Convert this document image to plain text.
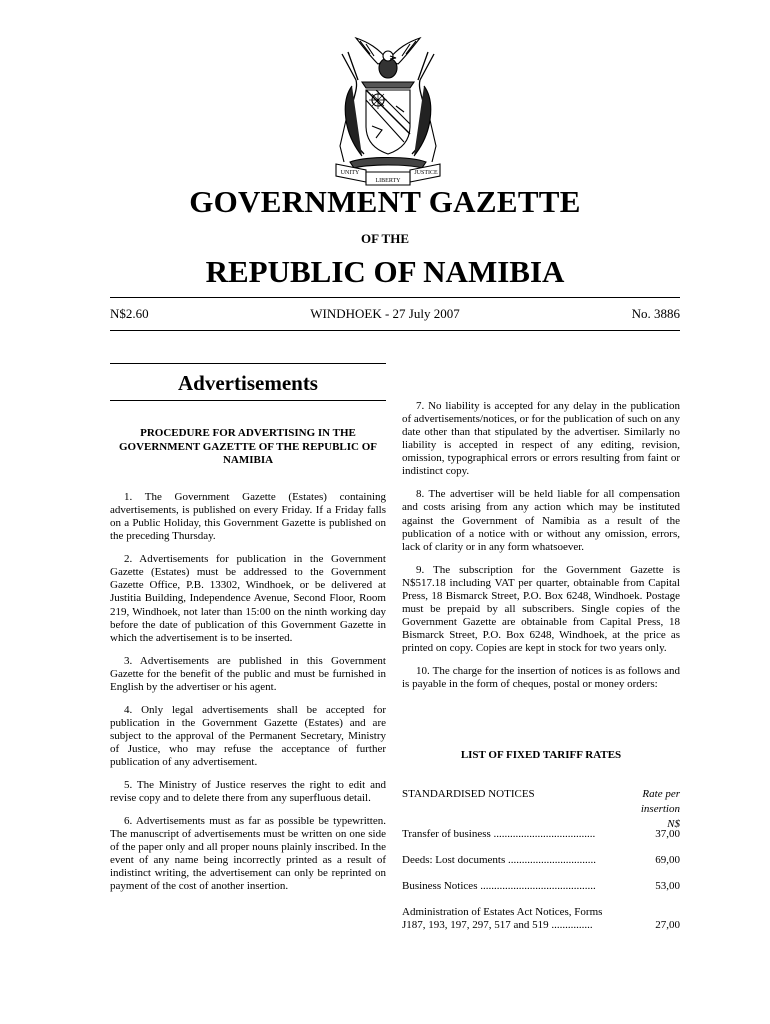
UNITY
LIBERTY
JUSTICE
GOVERNMENT GAZETTE
OF THE
REPUBLIC OF NAMIBIA
N$2.60	WINDHOEK - 27 July 2007	No. 3886
Advertisements
PROCEDURE FOR ADVERTISING IN THE GOVERNMENT GAZETTE OF THE REPUBLIC OF NAMIBIA

1. The Government Gazette (Estates) containing advertisements, is published on every Friday. If a Friday falls on a Public Holiday, this Government Gazette is published on the preceding Thursday.

2. Advertisements for publication in the Government Gazette (Estates) must be addressed to the Government Gazette Office, P.B. 13302, Windhoek, or be delivered at Justitia Building, Independence Avenue, Second Floor, Room 219, Windhoek, not later than 15:00 on the ninth working day before the date of publication of this Government Gazette in which the advertisement is to be inserted.

3. Advertisements are published in this Government Gazette for the benefit of the public and must be furnished in English by the advertiser or his agent.

4. Only legal advertisements shall be accepted for publication in the Government Gazette (Estates) and are subject to the approval of the Permanent Secretary, Ministry of Justice, who may refuse the acceptance of further publication of any advertisement.

5. The Ministry of Justice reserves the right to edit and revise copy and to delete there from any superfluous detail.

6. Advertisements must as far as possible be typewritten. The manuscript of advertisements must be written on one side of the paper only and all proper nouns plainly inscribed. In the event of any name being incorrectly printed as a result of indistinct writing, the advertisement can only be reprinted on payment of the cost of another insertion.

7. No liability is accepted for any delay in the publication of advertisements/notices, or for the publication of such on any date other than that stipulated by the advertiser. Similarly no liability is accepted in respect of any editing, revision, omission, typographical errors or errors resulting from faint or indistinct copy.

8. The advertiser will be held liable for all compensation and costs arising from any action which may be instituted against the Government of Namibia as a result of the publication of a notice with or without any omission, errors, lack of clarity or in any form whatsoever.

9. The subscription for the Government Gazette is N$517.18 including VAT per quarter, obtainable from Capital Press, 18 Bismarck Street, P.O. Box 6248, Windhoek. Postage must be prepaid by all subscribers. Single copies of the Government Gazette are obtainable from Capital Press, 18 Bismarck Street, P.O. Box 6248, Windhoek, at the price as printed on copy. Copies are kept in stock for two years only.

10. The charge for the insertion of notices is as follows and is payable in the form of cheques, postal or money orders:

LIST OF FIXED TARIFF RATES
STANDARDISED NOTICES	Rate per
insertion
N$
Transfer of business .....................................	37,00
Deeds: Lost documents ................................	69,00
Business Notices ..........................................	53,00
Administration of Estates Act Notices, Forms
J187, 193, 197, 297, 517 and 519 ...............	27,00
